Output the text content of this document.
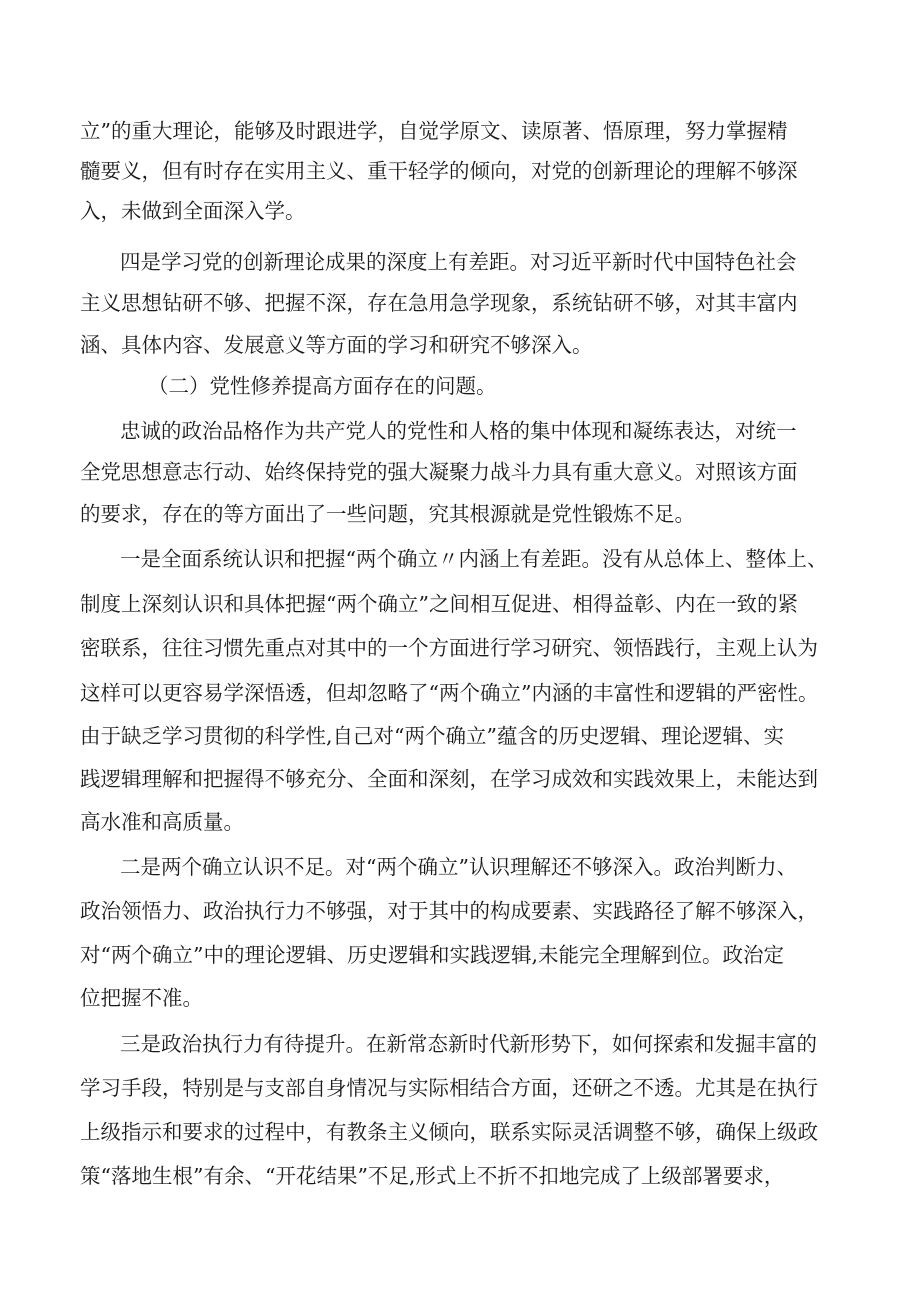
立”的重大理论，能够及时跟进学，自觉学原文、读原著、悟原理，努力掌握精
髓要义，但有时存在实用主义、重干轻学的倾向，对党的创新理论的理解不够深
入，未做到全面深入学。
四是学习党的创新理论成果的深度上有差距。对习近平新时代中国特色社会
主义思想钻研不够、把握不深，存在急用急学现象，系统钻研不够，对其丰富内
涵、具体内容、发展意义等方面的学习和研究不够深入。
（二）党性修养提高方面存在的问题。
忠诚的政治品格作为共产党人的党性和人格的集中体现和凝练表达，对统一
全党思想意志行动、始终保持党的强大凝聚力战斗力具有重大意义。对照该方面
的要求，存在的等方面出了一些问题，究其根源就是党性锻炼不足。
一是全面系统认识和把握“两个确立〃内涵上有差距。没有从总体上、整体上、
制度上深刻认识和具体把握“两个确立”之间相互促进、相得益彰、内在一致的紧
密联系，往往习惯先重点对其中的一个方面进行学习研究、领悟践行，主观上认为
这样可以更容易学深悟透，但却忽略了“两个确立”内涵的丰富性和逻辑的严密性。
由于缺乏学习贯彻的科学性,自己对“两个确立”蕴含的历史逻辑、理论逻辑、实
践逻辑理解和把握得不够充分、全面和深刻，在学习成效和实践效果上，未能达到
高水准和高质量。
二是两个确立认识不足。对“两个确立”认识理解还不够深入。政治判断力、
政治领悟力、政治执行力不够强，对于其中的构成要素、实践路径了解不够深入，
对“两个确立”中的理论逻辑、历史逻辑和实践逻辑,未能完全理解到位。政治定
位把握不准。
三是政治执行力有待提升。在新常态新时代新形势下，如何探索和发掘丰富的
学习手段，特别是与支部自身情况与实际相结合方面，还研之不透。尤其是在执行
上级指示和要求的过程中，有教条主义倾向，联系实际灵活调整不够，确保上级政
策“落地生根”有余、“开花结果”不足,形式上不折不扣地完成了上级部署要求，
